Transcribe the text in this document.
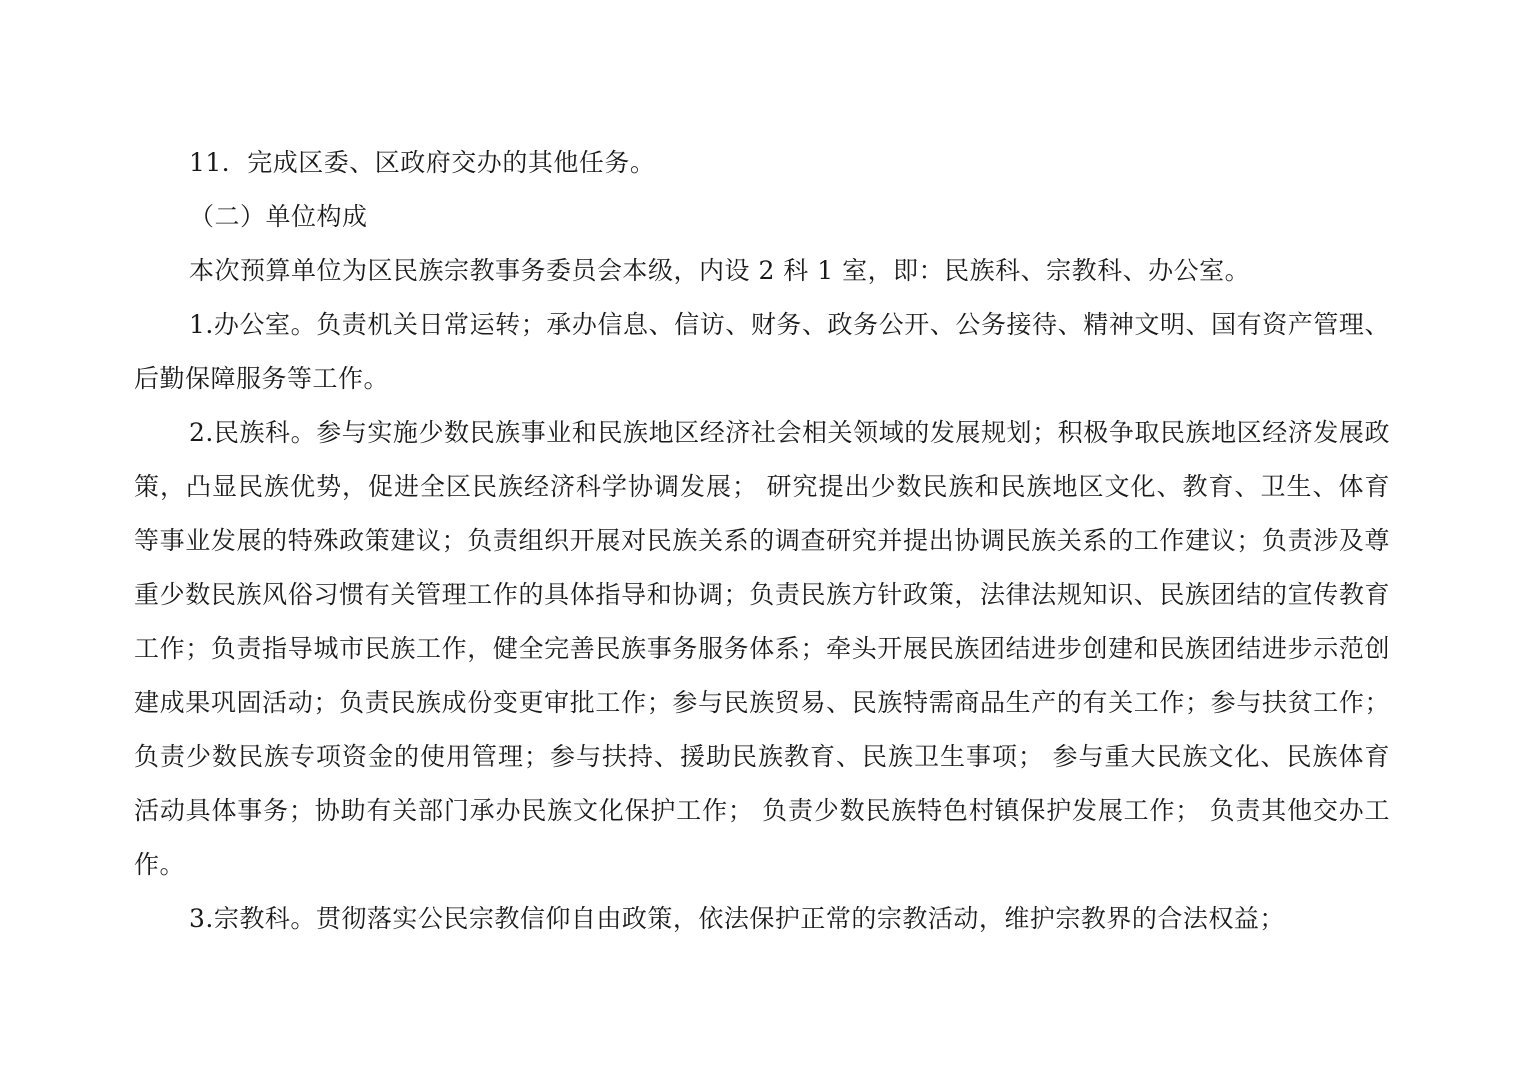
11．完成区委、区政府交办的其他任务。

（二）单位构成

本次预算单位为区民族宗教事务委员会本级，内设 2 科 1 室，即：民族科、宗教科、办公室。

1.办公室。负责机关日常运转；承办信息、信访、财务、政务公开、公务接待、精神文明、国有资产管理、后勤保障服务等工作。

2.民族科。参与实施少数民族事业和民族地区经济社会相关领域的发展规划；积极争取民族地区经济发展政策，凸显民族优势，促进全区民族经济科学协调发展； 研究提出少数民族和民族地区文化、教育、卫生、体育等事业发展的特殊政策建议；负责组织开展对民族关系的调查研究并提出协调民族关系的工作建议；负责涉及尊重少数民族风俗习惯有关管理工作的具体指导和协调；负责民族方针政策，法律法规知识、民族团结的宣传教育工作；负责指导城市民族工作，健全完善民族事务服务体系；牵头开展民族团结进步创建和民族团结进步示范创建成果巩固活动；负责民族成份变更审批工作；参与民族贸易、民族特需商品生产的有关工作；参与扶贫工作；负责少数民族专项资金的使用管理；参与扶持、援助民族教育、民族卫生事项； 参与重大民族文化、民族体育活动具体事务；协助有关部门承办民族文化保护工作； 负责少数民族特色村镇保护发展工作； 负责其他交办工作。

3.宗教科。贯彻落实公民宗教信仰自由政策，依法保护正常的宗教活动，维护宗教界的合法权益；
